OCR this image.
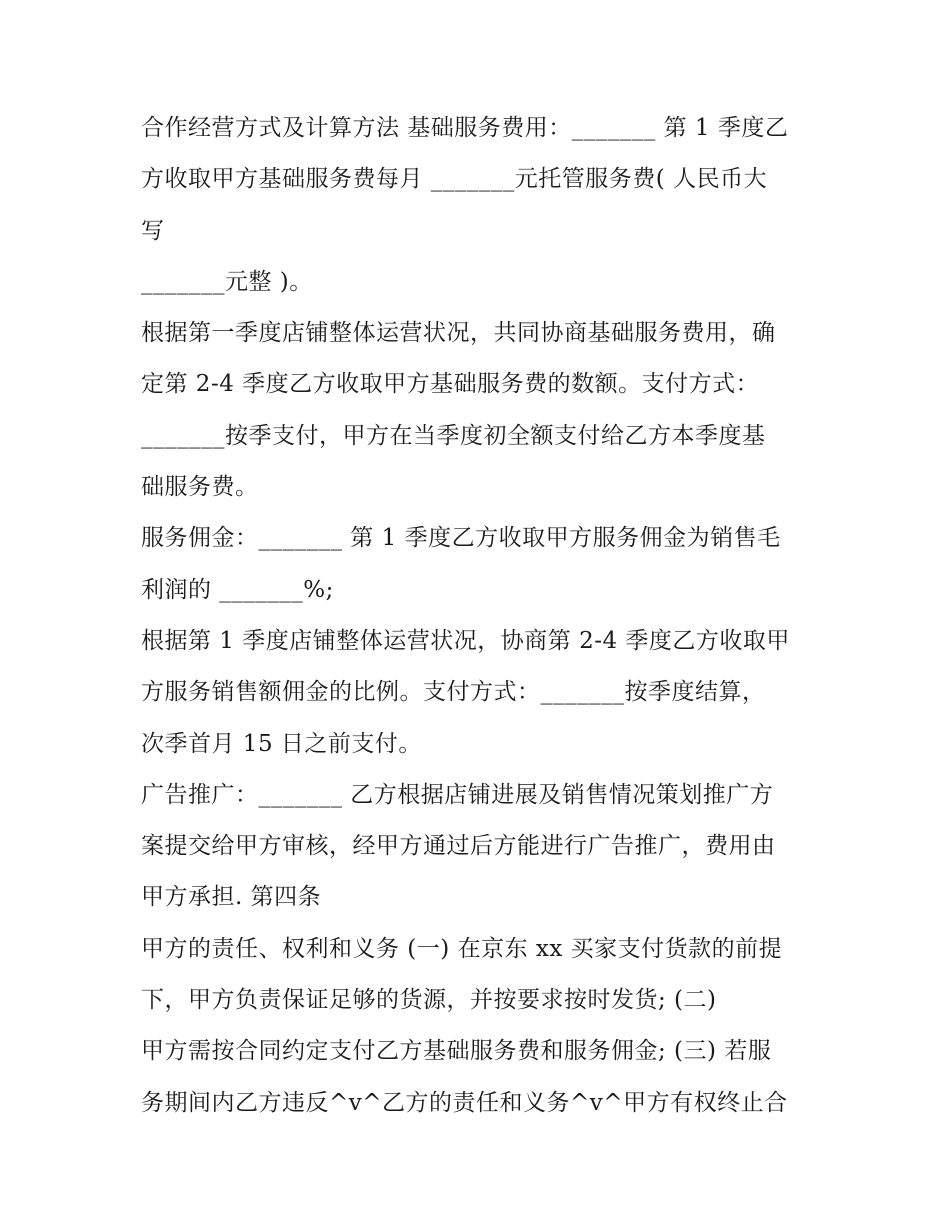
合作经营方式及计算方法 基础服务费用：_______ 第 1 季度乙
方收取甲方基础服务费每月 _______元托管服务费( 人民币大
写
_______元整 )。
根据第一季度店铺整体运营状况，共同协商基础服务费用，确
定第 2-4 季度乙方收取甲方基础服务费的数额。支付方式：
_______按季支付，甲方在当季度初全额支付给乙方本季度基
础服务费。
服务佣金：_______ 第 1 季度乙方收取甲方服务佣金为销售毛
利润的 _______%;
根据第 1 季度店铺整体运营状况，协商第 2-4 季度乙方收取甲
方服务销售额佣金的比例。支付方式：_______按季度结算，
次季首月 15 日之前支付。
广告推广：_______ 乙方根据店铺进展及销售情况策划推广方
案提交给甲方审核，经甲方通过后方能进行广告推广，费用由
甲方承担. 第四条
甲方的责任、权利和义务 (一) 在京东 xx 买家支付货款的前提
下，甲方负责保证足够的货源，并按要求按时发货; (二)
甲方需按合同约定支付乙方基础服务费和服务佣金; (三) 若服
务期间内乙方违反^v^乙方的责任和义务^v^甲方有权终止合
